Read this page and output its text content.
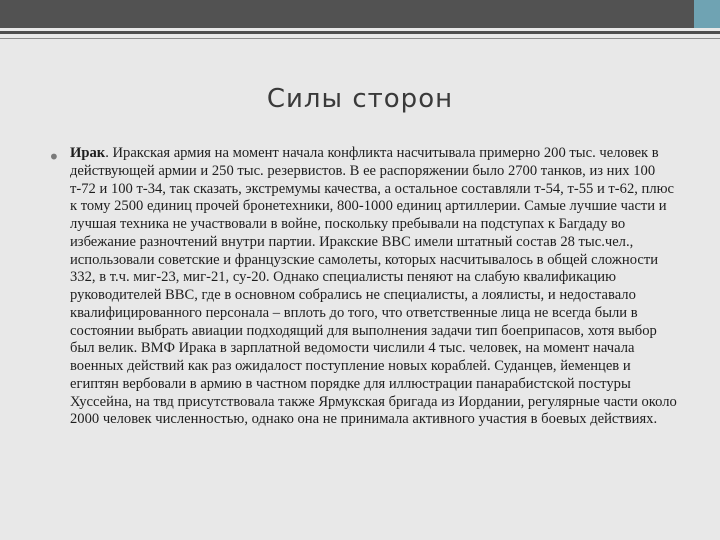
Силы сторон
• Ирак. Иракская армия на момент начала конфликта насчитывала примерно 200 тыс. человек в действующей армии и 250 тыс. резервистов. В ее распоряжении было 2700 танков, из них 100 т-72 и 100 т-34, так сказать, экстремумы качества, а остальное составляли т-54, т-55 и т-62, плюс к тому 2500 единиц прочей бронетехники, 800-1000 единиц артиллерии. Самые лучшие части и лучшая техника не участвовали в войне, поскольку пребывали на подступах к Багдаду во избежание разночтений внутри партии. Иракские ВВС имели штатный состав 28 тыс.чел., использовали советские и французские самолеты, которых насчитывалось в общей сложности 332, в т.ч. миг-23, миг-21, су-20. Однако специалисты пеняют на слабую квалификацию руководителей ВВС, где в основном собрались не специалисты, а лоялисты, и недоставало квалифицированного персонала – вплоть до того, что ответственные лица не всегда были в состоянии выбрать авиации подходящий для выполнения задачи тип боеприпасов, хотя выбор был велик. ВМФ Ирака в зарплатной ведомости числили 4 тыс. человек, на момент начала военных действий как раз ожидалост поступление новых кораблей. Суданцев, йеменцев и египтян вербовали в армию в частном порядке для иллюстрации панарабистской постуры Хуссейна, на твд присутствовала также Ярмукская бригада из Иордании, регулярные части около 2000 человек численностью, однако она не принимала активного участия в боевых действиях.
